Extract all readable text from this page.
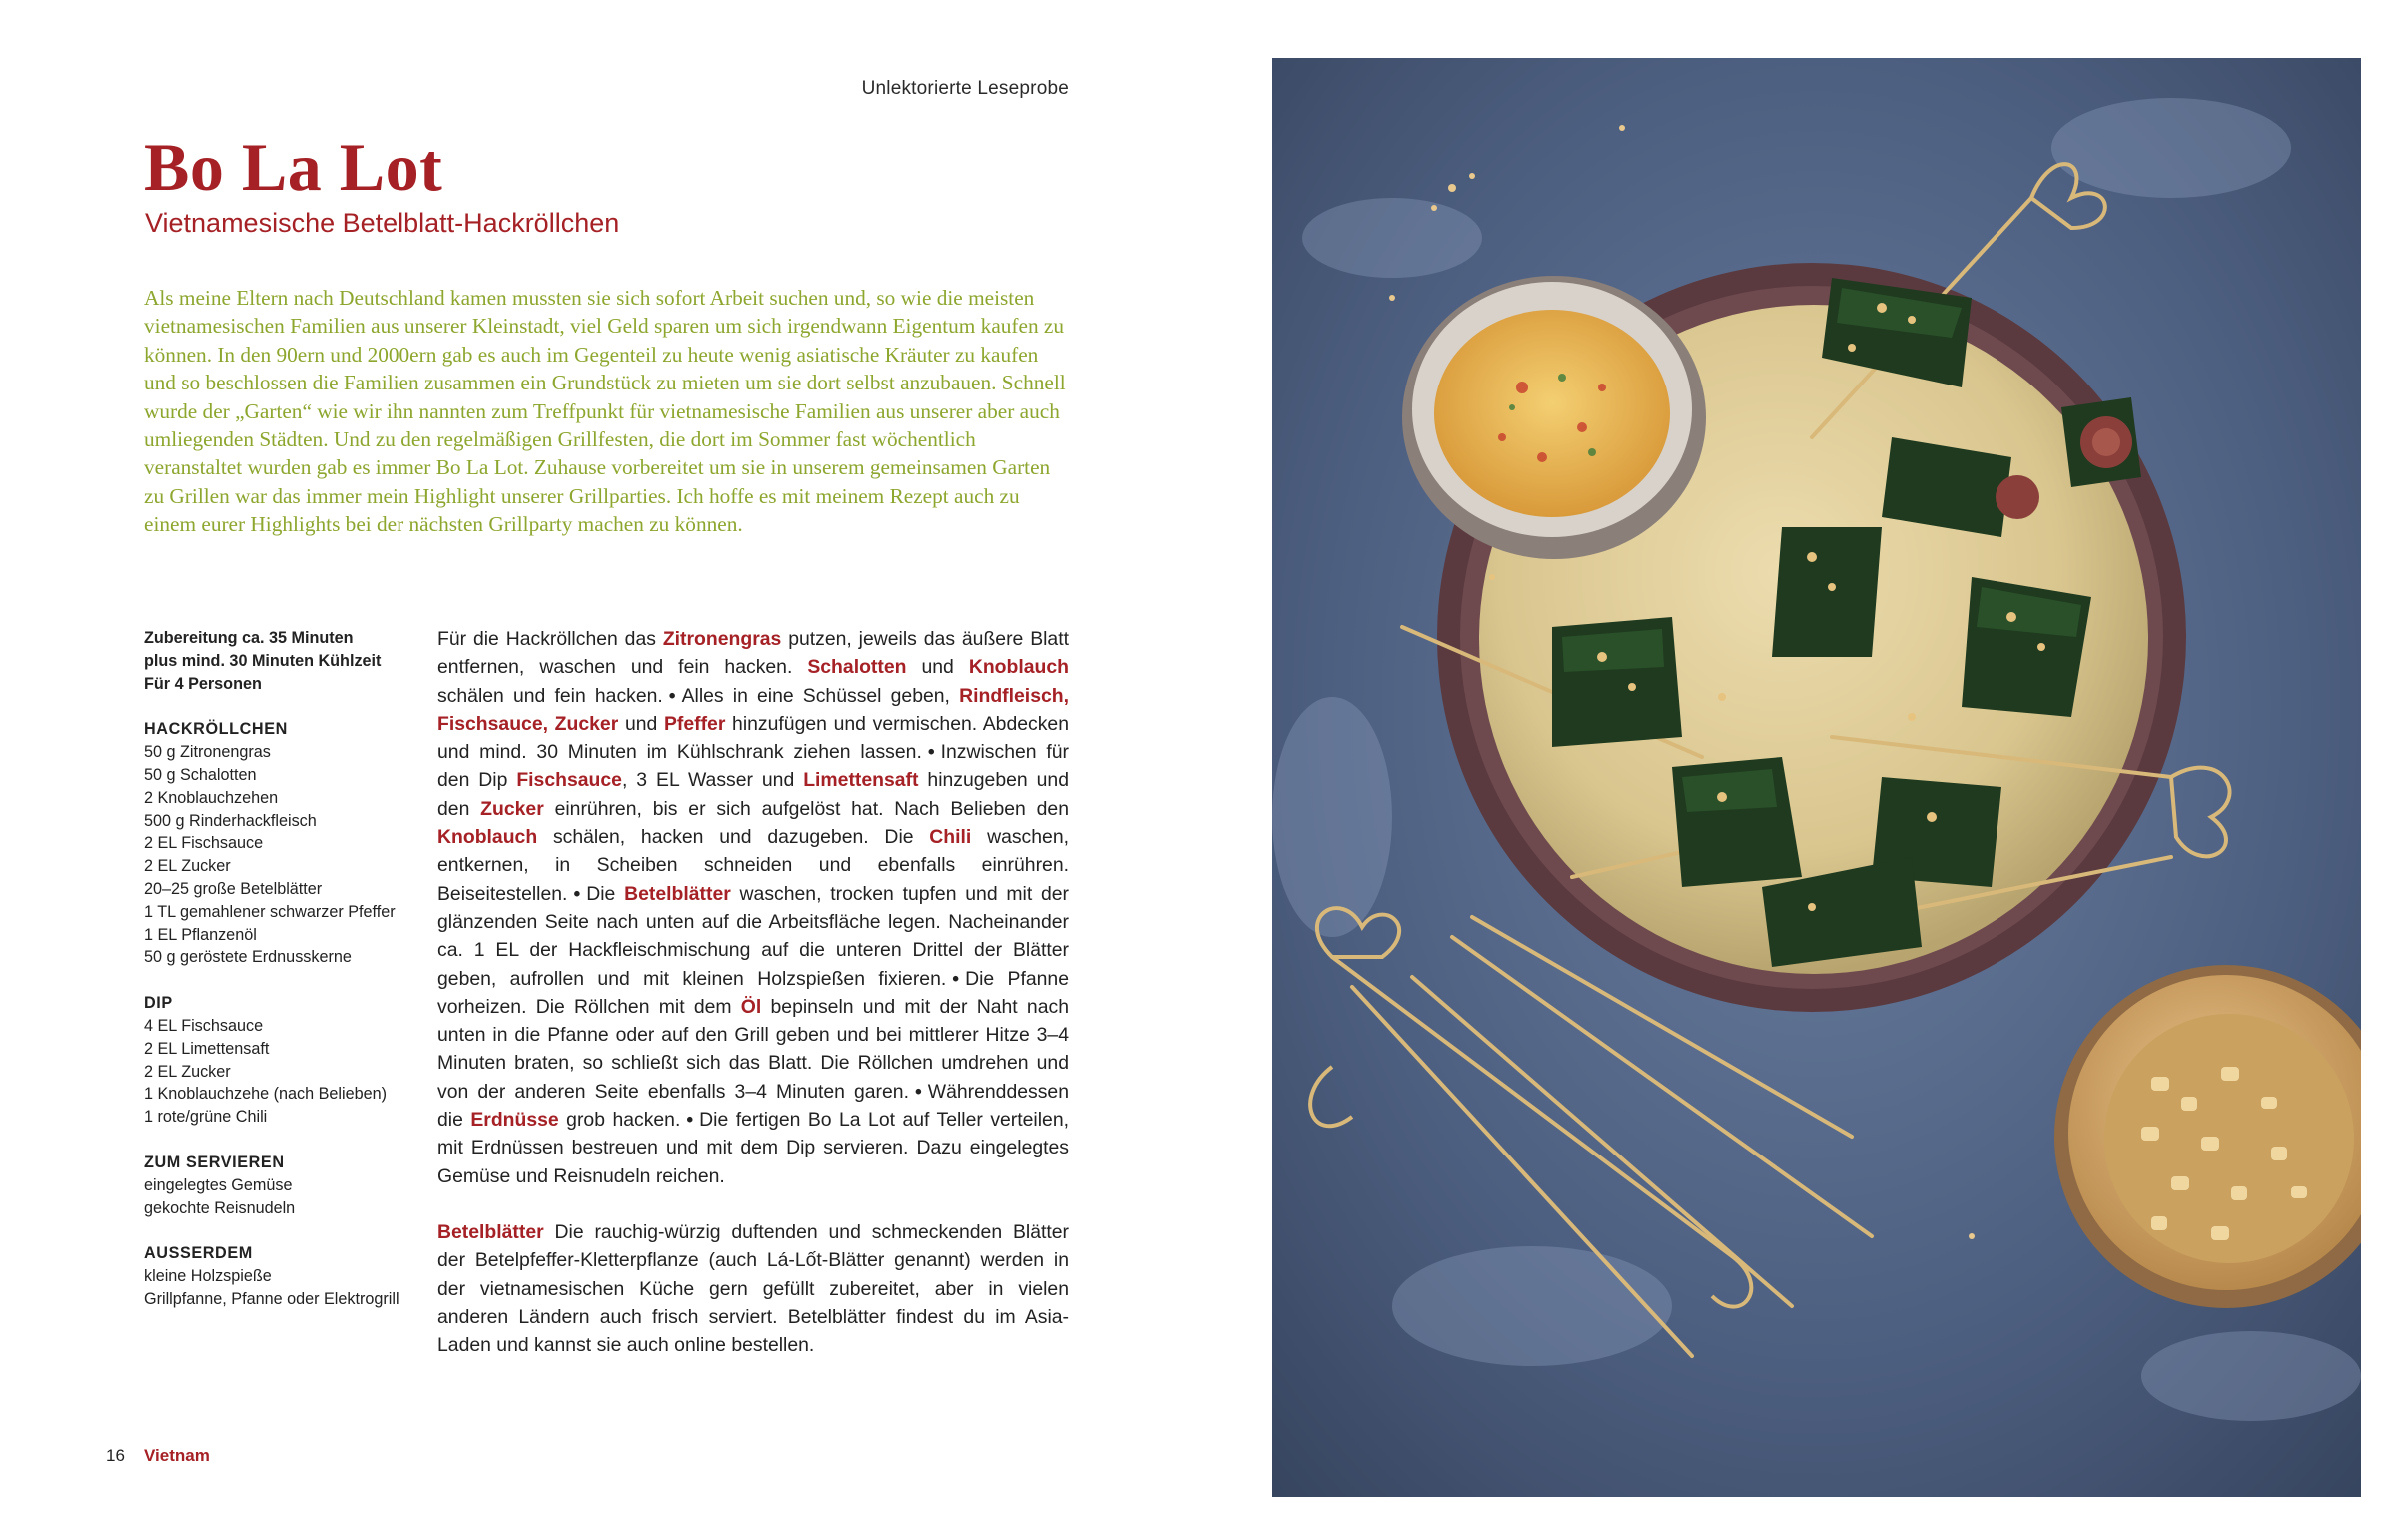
Unlektorierte Leseprobe
Bo La Lot
Vietnamesische Betelblatt-Hackröllchen

Als meine Eltern nach Deutschland kamen mussten sie sich sofort Arbeit suchen und, so wie die meisten vietnamesischen Familien aus unserer Kleinstadt, viel Geld sparen um sich irgendwann Eigentum kaufen zu können. In den 90ern und 2000ern gab es auch im Gegenteil zu heute wenig asiatische Kräuter zu kaufen und so beschlossen die Familien zusammen ein Grundstück zu mieten um sie dort selbst anzubauen. Schnell wurde der „Garten“ wie wir ihn nannten zum Treffpunkt für vietnamesische Familien aus unserer aber auch umliegenden Städten. Und zu den regelmäßigen Grillfesten, die dort im Sommer fast wöchentlich veranstaltet wurden gab es immer Bo La Lot. Zuhause vorbereitet um sie in unserem gemeinsamen Garten zu Grillen war das immer mein Highlight unserer Grillparties. Ich hoffe es mit meinem Rezept auch zu einem eurer Highlights bei der nächsten Grillparty machen zu können.

Zubereitung ca. 35 Minuten

plus mind. 30 Minuten Kühlzeit

Für 4 Personen

HACKRÖLLCHEN

50 g Zitronengras
50 g Schalotten
2 Knoblauchzehen
500 g Rinderhackfleisch
2 EL Fischsauce
2 EL Zucker
20–25 große Betelblätter
1 TL gemahlener schwarzer Pfeffer
1 EL Pflanzenöl
50 g geröstete Erdnusskerne

DIP

4 EL Fischsauce
2 EL Limettensaft
2 EL Zucker
1 Knoblauchzehe (nach Belieben)
1 rote/grüne Chili

ZUM SERVIEREN

eingelegtes Gemüse
gekochte Reisnudeln

AUSSERDEM

kleine Holzspieße
Grillpfanne, Pfanne oder Elektrogrill

Für die Hackröllchen das Zitronengras putzen, jeweils das äußere Blatt entfernen, waschen und fein hacken. Schalotten und Knoblauch schälen und fein hacken. • Alles in eine Schüssel geben, Rindfleisch, Fischsauce, Zucker und Pfeffer hinzufügen und vermischen. Abdecken und mind. 30 Minuten im Kühlschrank ziehen lassen. • Inzwischen für den Dip Fischsauce, 3 EL Wasser und Limettensaft hinzugeben und den Zucker einrühren, bis er sich aufgelöst hat. Nach Belieben den Knoblauch schälen, hacken und dazugeben. Die Chili waschen, entkernen, in Scheiben schneiden und ebenfalls einrühren. Beiseitestellen. • Die Betelblätter waschen, trocken tupfen und mit der glänzenden Seite nach unten auf die Arbeitsfläche legen. Nacheinander ca. 1 EL der Hackfleischmischung auf die unteren Drittel der Blätter geben, aufrollen und mit kleinen Holzspießen fixieren. • Die Pfanne vorheizen. Die Röllchen mit dem Öl bepinseln und mit der Naht nach unten in die Pfanne oder auf den Grill geben und bei mittlerer Hitze 3–4 Minuten braten, so schließt sich das Blatt. Die Röllchen umdrehen und von der anderen Seite ebenfalls 3–4 Minuten garen. • Währenddessen die Erdnüsse grob hacken. • Die fertigen Bo La Lot auf Teller verteilen, mit Erdnüssen bestreuen und mit dem Dip servieren. Dazu eingelegtes Gemüse und Reisnudeln reichen.

Betelblätter Die rauchig-würzig duftenden und schmeckenden Blätter der Betelpfeffer-Kletterpflanze (auch Lá-Lốt-Blätter genannt) werden in der vietnamesischen Küche gern gefüllt zubereitet, aber in vielen anderen Ländern auch frisch serviert. Betelblätter findest du im Asia-Laden und kannst sie auch online bestellen.

16 Vietnam
